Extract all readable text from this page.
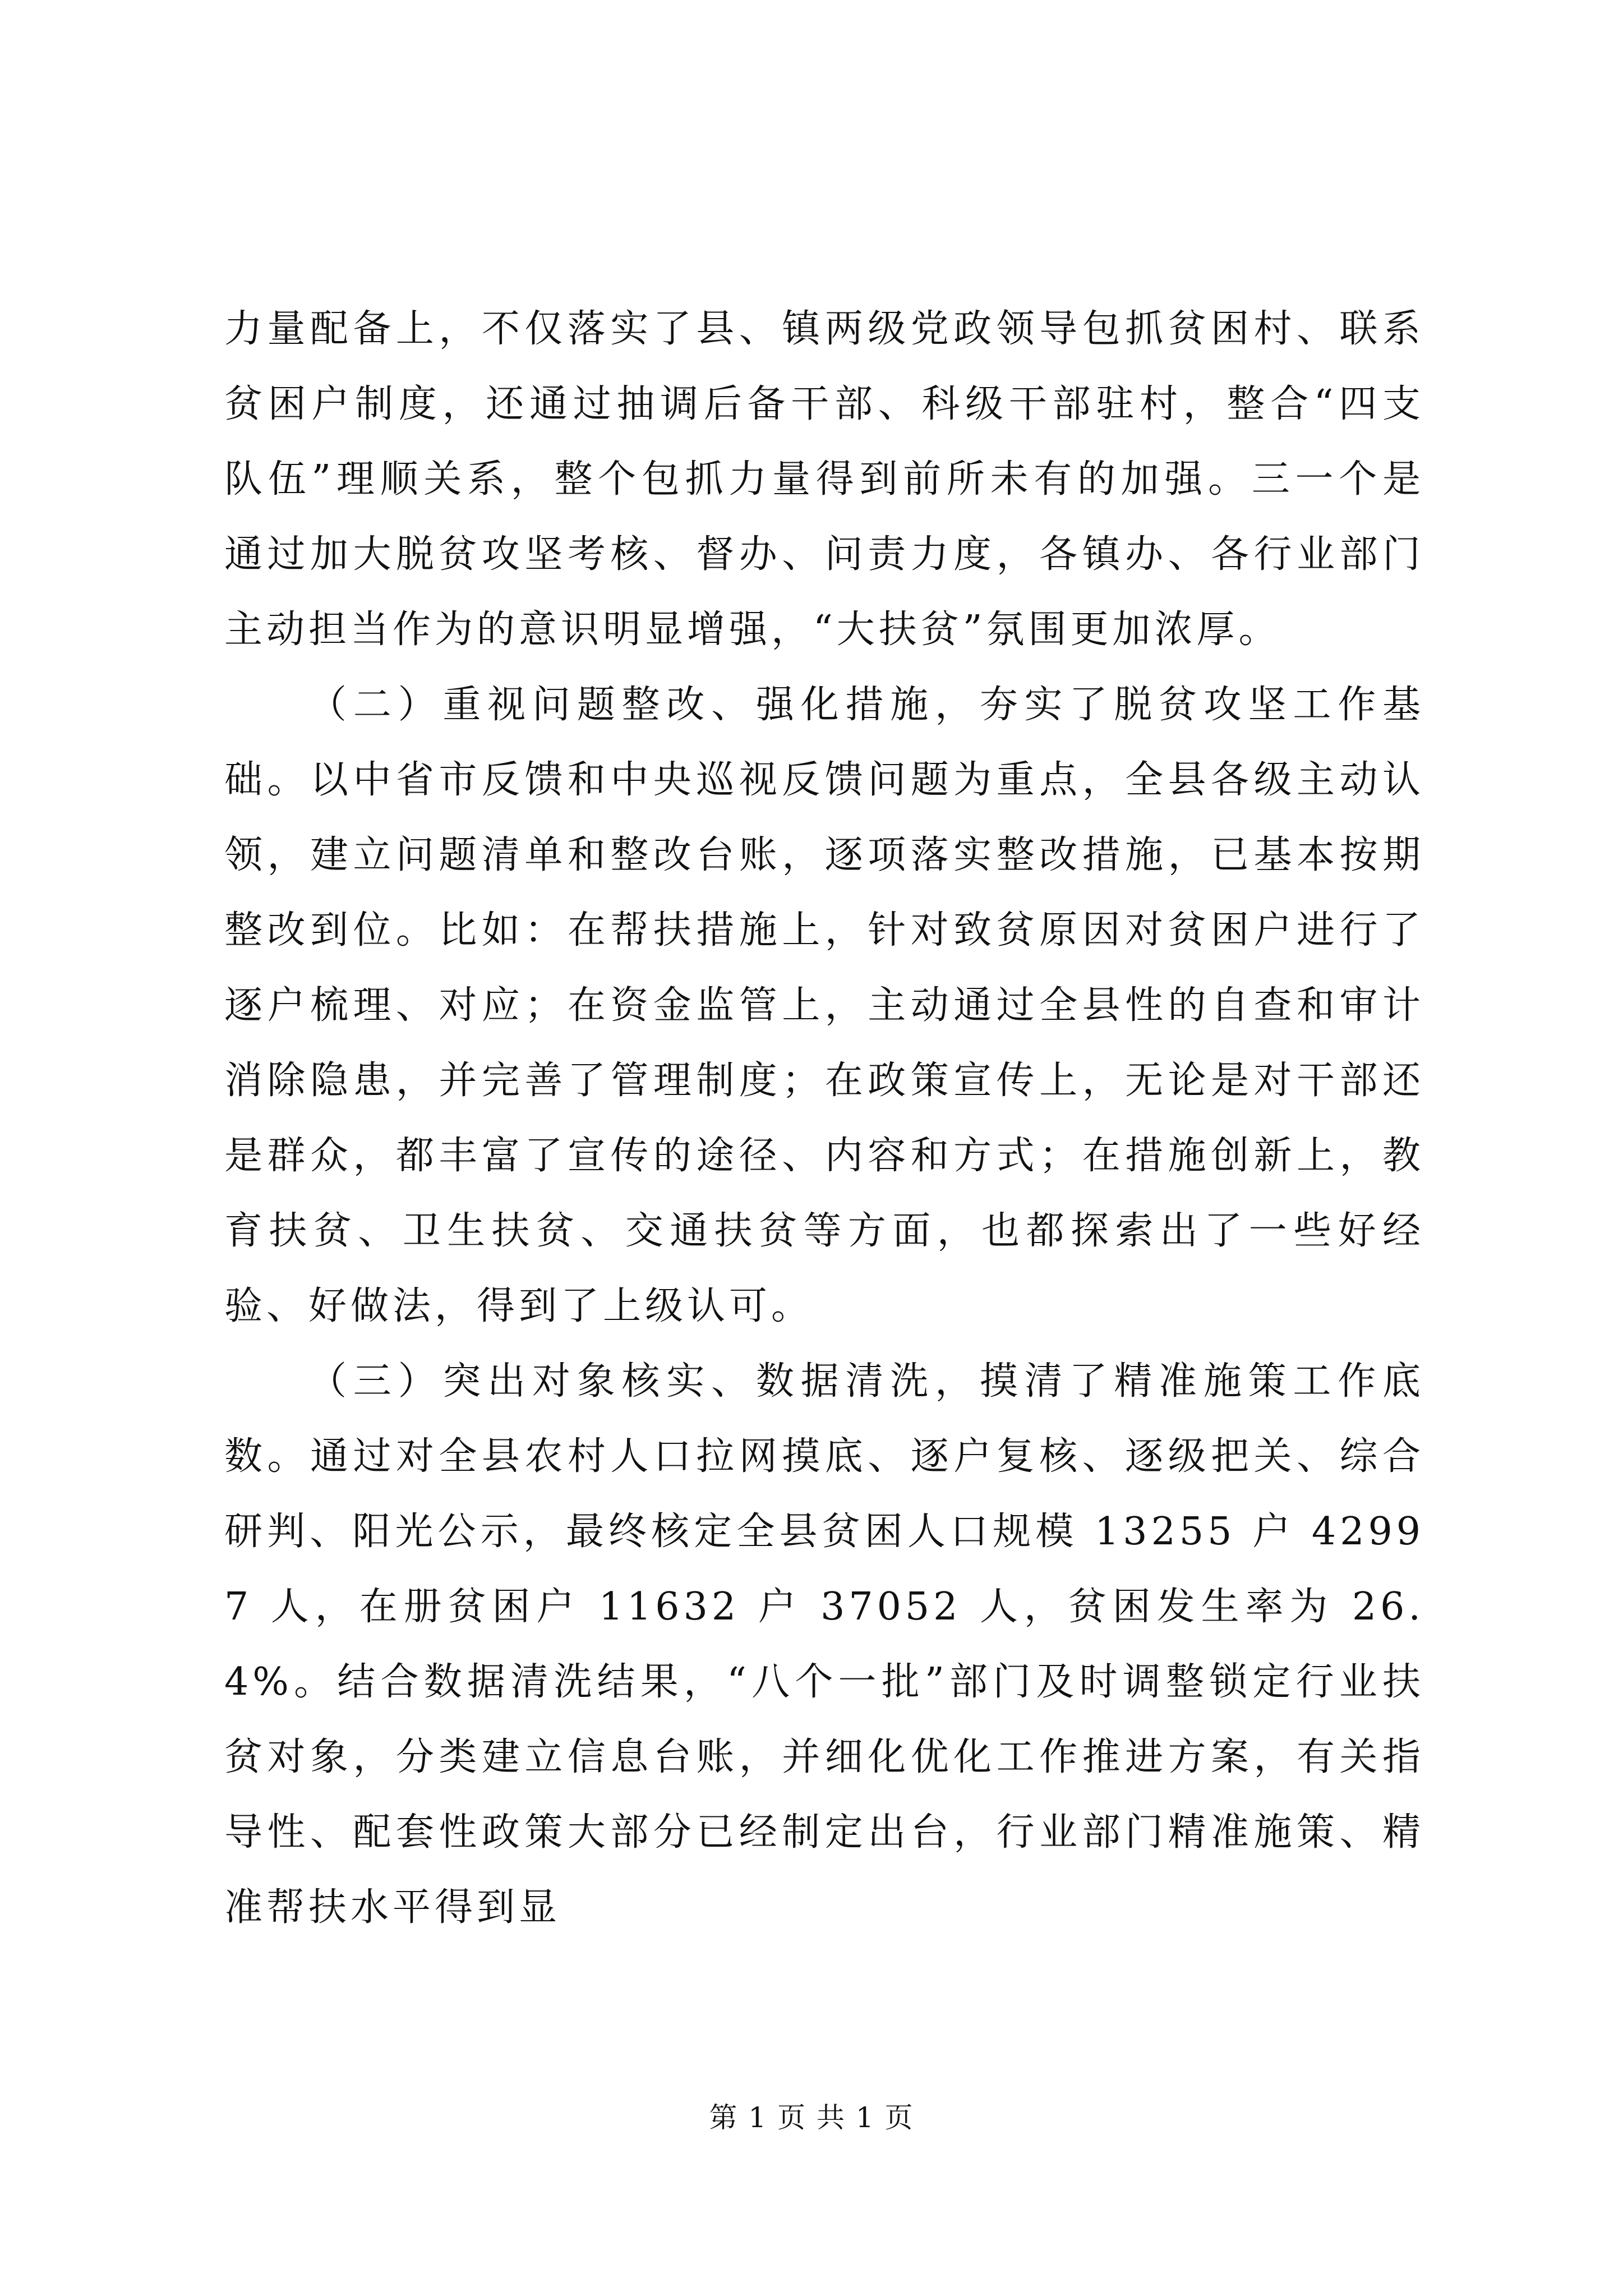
力量配备上，不仅落实了县、镇两级党政领导包抓贫困村、联系贫困户制度，还通过抽调后备干部、科级干部驻村，整合“四支队伍”理顺关系，整个包抓力量得到前所未有的加强。三一个是通过加大脱贫攻坚考核、督办、问责力度，各镇办、各行业部门主动担当作为的意识明显增强，“大扶贫”氛围更加浓厚。

（二）重视问题整改、强化措施，夯实了脱贫攻坚工作基础。以中省市反馈和中央巡视反馈问题为重点，全县各级主动认领，建立问题清单和整改台账，逐项落实整改措施，已基本按期整改到位。比如：在帮扶措施上，针对致贫原因对贫困户进行了逐户梳理、对应；在资金监管上，主动通过全县性的自查和审计消除隐患，并完善了管理制度；在政策宣传上，无论是对干部还是群众，都丰富了宣传的途径、内容和方式；在措施创新上，教育扶贫、卫生扶贫、交通扶贫等方面，也都探索出了一些好经验、好做法，得到了上级认可。

（三）突出对象核实、数据清洗，摸清了精准施策工作底数。通过对全县农村人口拉网摸底、逐户复核、逐级把关、综合研判、阳光公示，最终核定全县贫困人口规模 13255 户 42997 人，在册贫困户 11632 户 37052 人，贫困发生率为 26.4%。结合数据清洗结果，“八个一批”部门及时调整锁定行业扶贫对象，分类建立信息台账，并细化优化工作推进方案，有关指导性、配套性政策大部分已经制定出台，行业部门精准施策、精准帮扶水平得到显

第 1 页 共 1 页
